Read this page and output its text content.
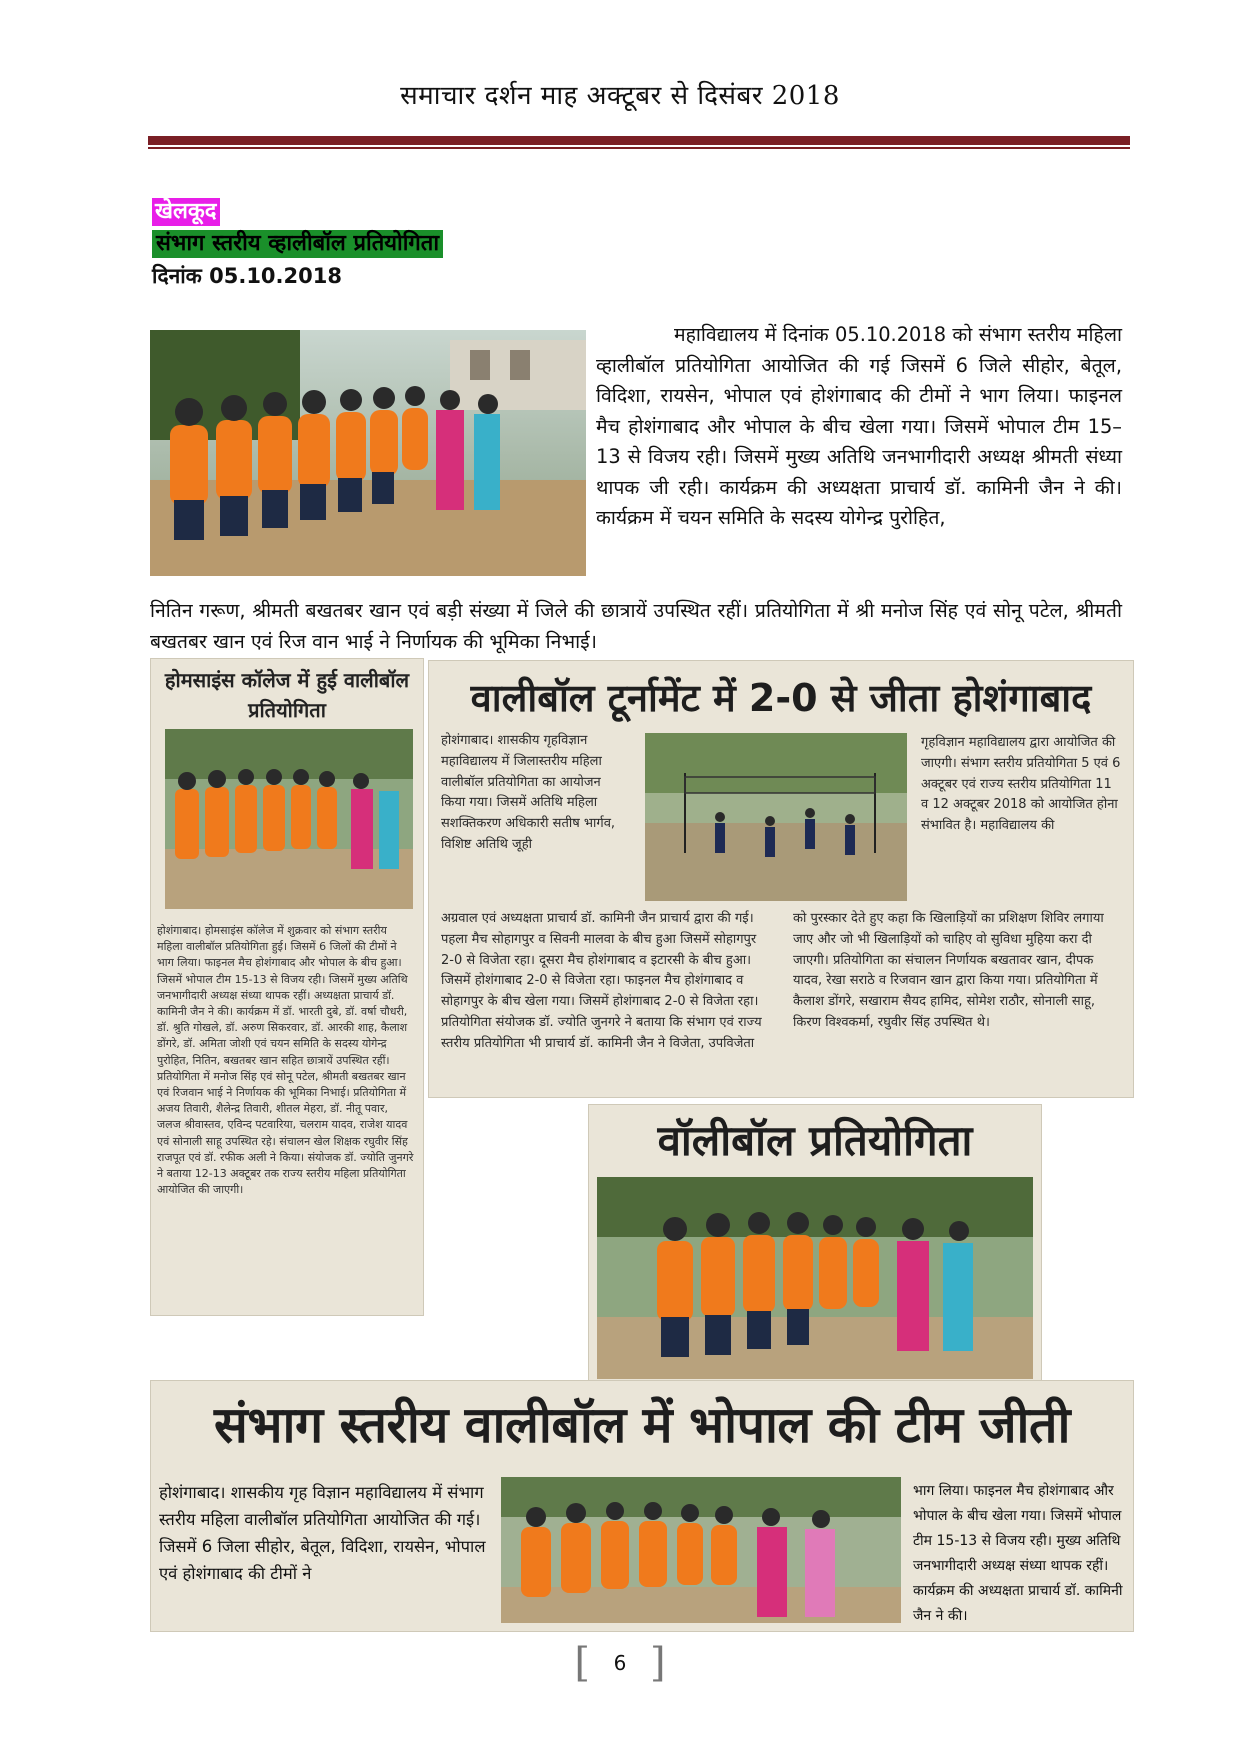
समाचार दर्शन माह अक्टूबर से दिसंबर 2018
खेलकूद
संभाग स्तरीय व्हालीबॉल प्रतियोगिता
दिनांक 05.10.2018
महाविद्यालय में दिनांक 05.10.2018 को संभाग स्तरीय महिला व्हालीबॉल प्रतियोगिता आयोजित की गई जिसमें 6 जिले सीहोर, बेतूल, विदिशा, रायसेन, भोपाल एवं होशंगाबाद की टीमों ने भाग लिया। फाइनल मैच होशंगाबाद और भोपाल के बीच खेला गया। जिसमें भोपाल टीम 15–13 से विजय रही। जिसमें मुख्य अतिथि जनभागीदारी अध्यक्ष श्रीमती संध्या थापक जी रही। कार्यक्रम की अध्यक्षता प्राचार्य डॉ. कामिनी जैन ने की। कार्यक्रम में चयन समिति के सदस्य योगेन्द्र पुरोहित,
नितिन गरूण, श्रीमती बखतबर खान एवं बड़ी संख्या में जिले की छात्रायें उपस्थित रहीं। प्रतियोगिता में श्री मनोज सिंह एवं सोनू पटेल, श्रीमती बखतबर खान एवं रिज वान भाई ने निर्णायक की भूमिका निभाई।
होमसाइंस कॉलेज में हुई वालीबॉल प्रतियोगिता
होशंगाबाद। होमसाइंस कॉलेज में शुक्रवार को संभाग स्तरीय महिला वालीबॉल प्रतियोगिता हुई। जिसमें 6 जिलों की टीमों ने भाग लिया। फाइनल मैच होशंगाबाद और भोपाल के बीच हुआ। जिसमें भोपाल टीम 15-13 से विजय रही। जिसमें मुख्य अतिथि जनभागीदारी अध्यक्ष संध्या थापक रहीं। अध्यक्षता प्राचार्य डॉ. कामिनी जैन ने की। कार्यक्रम में डॉ. भारती दुबे, डॉ. वर्षा चौधरी, डॉ. श्रुति गोखले, डॉ. अरुण सिकरवार, डॉ. आरकी शाह, कैलाश डोंगरे, डॉ. अमिता जोशी एवं चयन समिति के सदस्य योगेन्द्र पुरोहित, नितिन, बखतबर खान सहित छात्रायें उपस्थित रहीं। प्रतियोगिता में मनोज सिंह एवं सोनू पटेल, श्रीमती बखतबर खान एवं रिजवान भाई ने निर्णायक की भूमिका निभाई। प्रतियोगिता में अजय तिवारी, शैलेन्द्र तिवारी, शीतल मेहरा, डॉ. नीतू पवार, जलज श्रीवास्तव, एविन्द पटवारिया, चलराम यादव, राजेश यादव एवं सोनाली साहू उपस्थित रहे। संचालन खेल शिक्षक रघुवीर सिंह राजपूत एवं डॉ. रफीक अली ने किया। संयोजक डॉ. ज्योति जुनगरे ने बताया 12-13 अक्टूबर तक राज्य स्तरीय महिला प्रतियोगिता आयोजित की जाएगी।
वालीबॉल टूर्नामेंट में 2-0 से जीता होशंगाबाद
होशंगाबाद। शासकीय गृहविज्ञान महाविद्यालय में जिलास्तरीय महिला वालीबॉल प्रतियोगिता का आयोजन किया गया। जिसमें अतिथि महिला सशक्तिकरण अधिकारी सतीष भार्गव, विशिष्ट अतिथि जूही
गृहविज्ञान महाविद्यालय द्वारा आयोजित की जाएगी। संभाग स्तरीय प्रतियोगिता 5 एवं 6 अक्टूबर एवं राज्य स्तरीय प्रतियोगिता 11 व 12 अक्टूबर 2018 को आयोजित होना संभावित है। महाविद्यालय की
अग्रवाल एवं अध्यक्षता प्राचार्य डॉ. कामिनी जैन प्राचार्य द्वारा की गई। पहला मैच सोहागपुर व सिवनी मालवा के बीच हुआ जिसमें सोहागपुर 2-0 से विजेता रहा। दूसरा मैच होशंगाबाद व इटारसी के बीच हुआ। जिसमें होशंगाबाद 2-0 से विजेता रहा। फाइनल मैच होशंगाबाद व सोहागपुर के बीच खेला गया। जिसमें होशंगाबाद 2-0 से विजेता रहा। प्रतियोगिता संयोजक डॉ. ज्योति जुनगरे ने बताया कि संभाग एवं राज्य स्तरीय प्रतियोगिता भी प्राचार्य डॉ. कामिनी जैन ने विजेता, उपविजेता को पुरस्कार देते हुए कहा कि खिलाड़ियों का प्रशिक्षण शिविर लगाया जाए और जो भी खिलाड़ियों को चाहिए वो सुविधा मुहिया करा दी जाएगी। प्रतियोगिता का संचालन निर्णायक बखतावर खान, दीपक यादव, रेखा सराठे व रिजवान खान द्वारा किया गया। प्रतियोगिता में कैलाश डोंगरे, सखाराम सैयद हामिद, सोमेश राठौर, सोनाली साहू, किरण विश्वकर्मा, रघुवीर सिंह उपस्थित थे।
वॉलीबॉल प्रतियोगिता
संभाग स्तरीय वालीबॉल में भोपाल की टीम जीती
होशंगाबाद। शासकीय गृह विज्ञान महाविद्यालय में संभाग स्तरीय महिला वालीबॉल प्रतियोगिता आयोजित की गई। जिसमें 6 जिला सीहोर, बेतूल, विदिशा, रायसेन, भोपाल एवं होशंगाबाद की टीमों ने
भाग लिया। फाइनल मैच होशंगाबाद और भोपाल के बीच खेला गया। जिसमें भोपाल टीम 15-13 से विजय रही। मुख्य अतिथि जनभागीदारी अध्यक्ष संध्या थापक रहीं। कार्यक्रम की अध्यक्षता प्राचार्य डॉ. कामिनी जैन ने की।
[ 6 ]
